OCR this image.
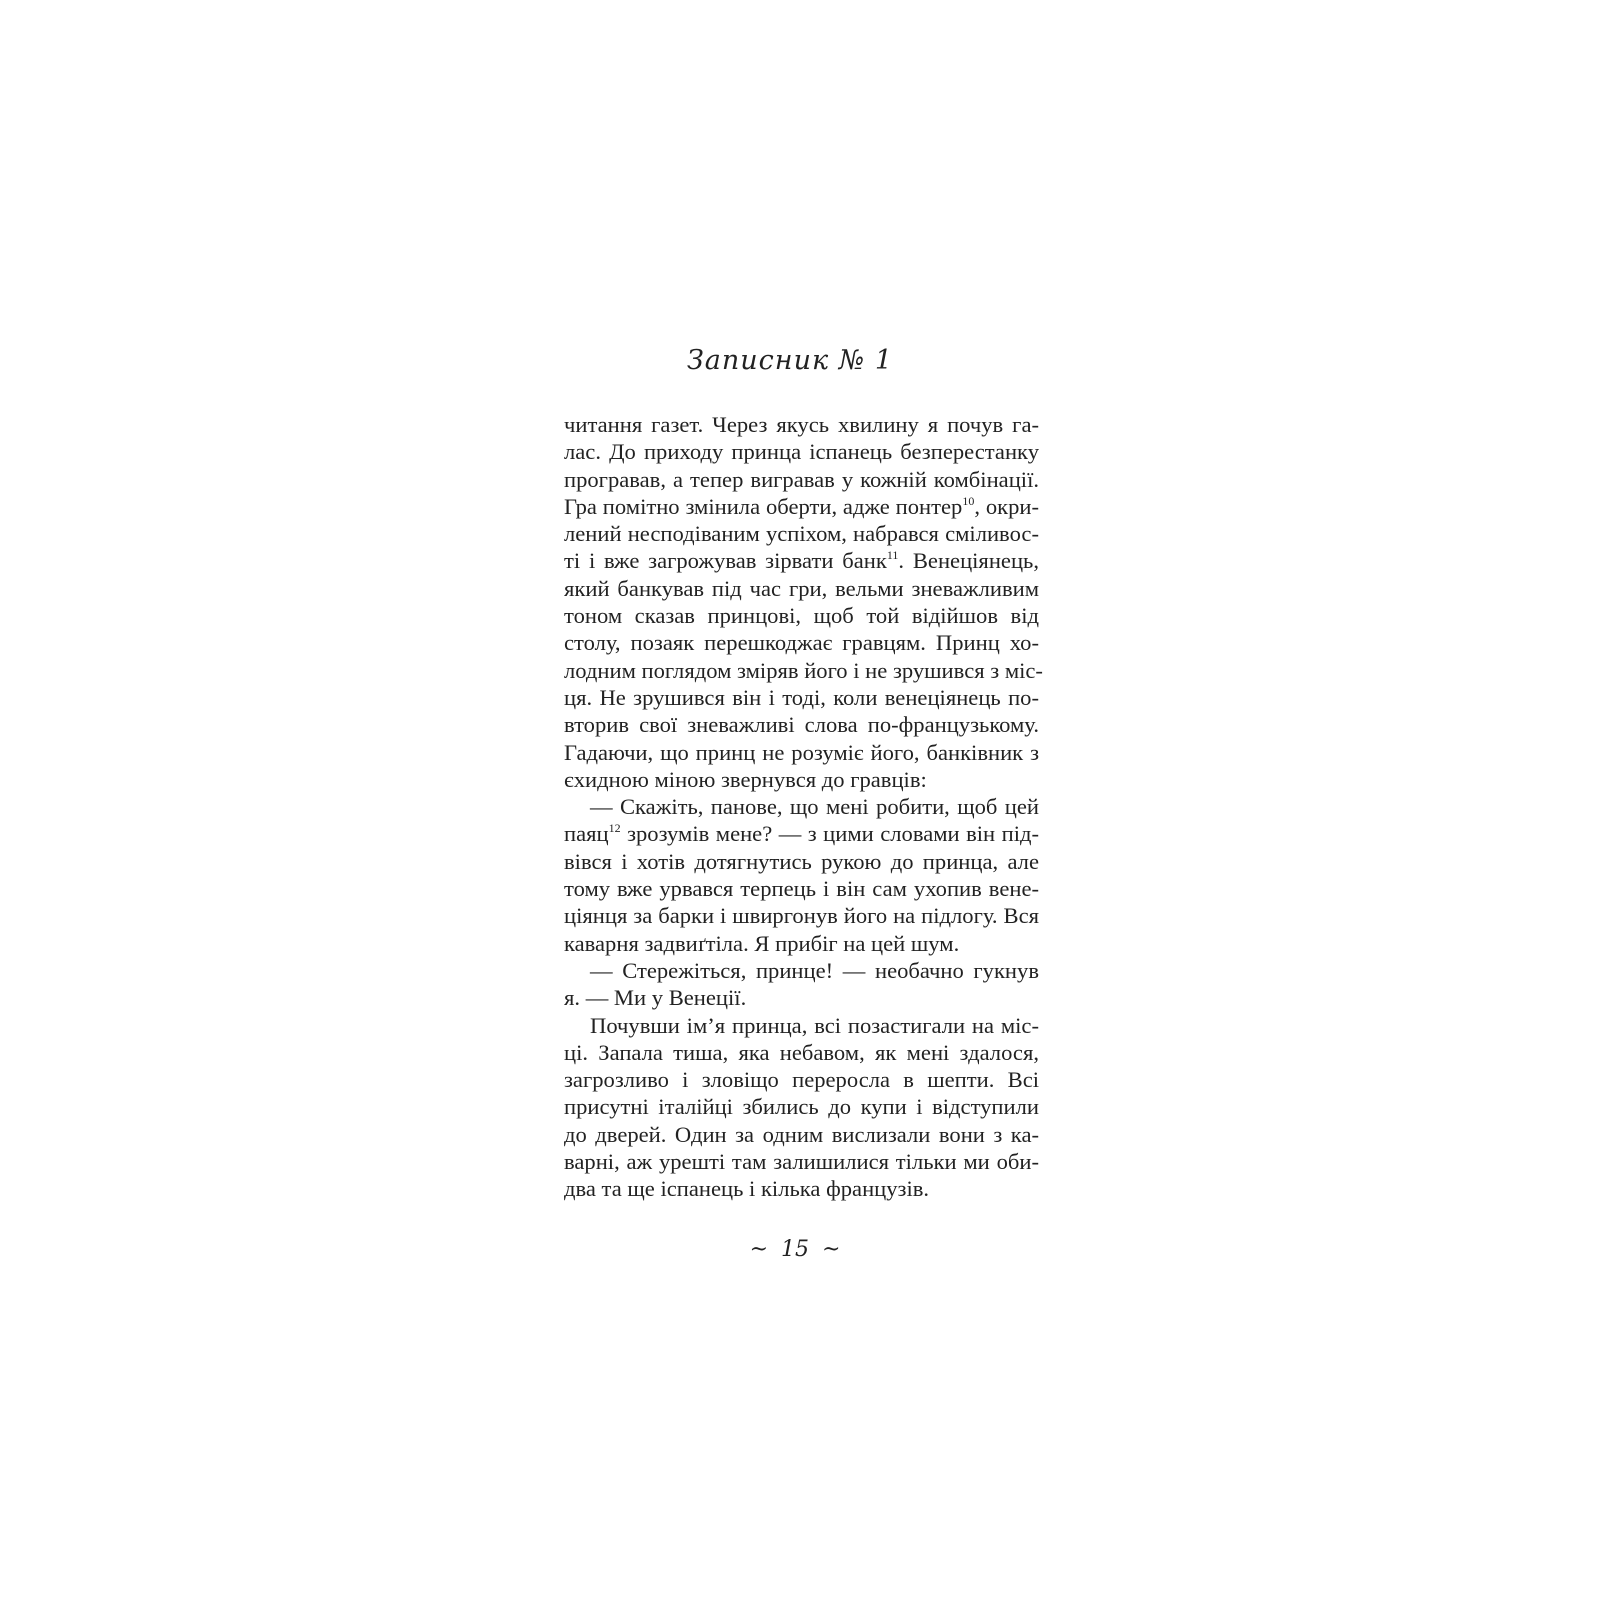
Записник № 1
читання газет. Через якусь хвилину я почув га-
лас. До приходу принца іспанець безперестанку
програвав, а тепер вигравав у кожній комбінації.
Гра помітно змінила оберти, адже понтер$^{10}$, окри-
лений несподіваним успіхом, набрався сміливос-
ті і вже загрожував зірвати банк$^{11}$. Венеціянець,
який банкував під час гри, вельми зневажливим
тоном сказав принцові, щоб той відійшов від
столу, позаяк перешкоджає гравцям. Принц хо-
лодним поглядом зміряв його і не зрушився з міс-
ця. Не зрушився він і тоді, коли венеціянець по-
вторив свої зневажливі слова по-французькому.
Гадаючи, що принц не розуміє його, банківник з
єхидною міною звернувся до гравців:
— Скажіть, панове, що мені робити, щоб цей
паяц$^{12}$ зрозумів мене? — з цими словами він під-
вівся і хотів дотягнутись рукою до принца, але
тому вже урвався терпець і він сам ухопив вене-
ціянця за барки і швиргонув його на підлогу. Вся
каварня задвиґтіла. Я прибіг на цей шум.
— Стережіться, принце! — необачно гукнув
я. — Ми у Венеції.
Почувши ім’я принца, всі позастигали на міс-
ці. Запала тиша, яка небавом, як мені здалося,
загрозливо і зловіщо переросла в шепти. Всі
присутні італійці збились до купи і відступили
до дверей. Один за одним вислизали вони з ка-
варні, аж урешті там залишилися тільки ми оби-
два та ще іспанець і кілька французів.
~ 15 ~
